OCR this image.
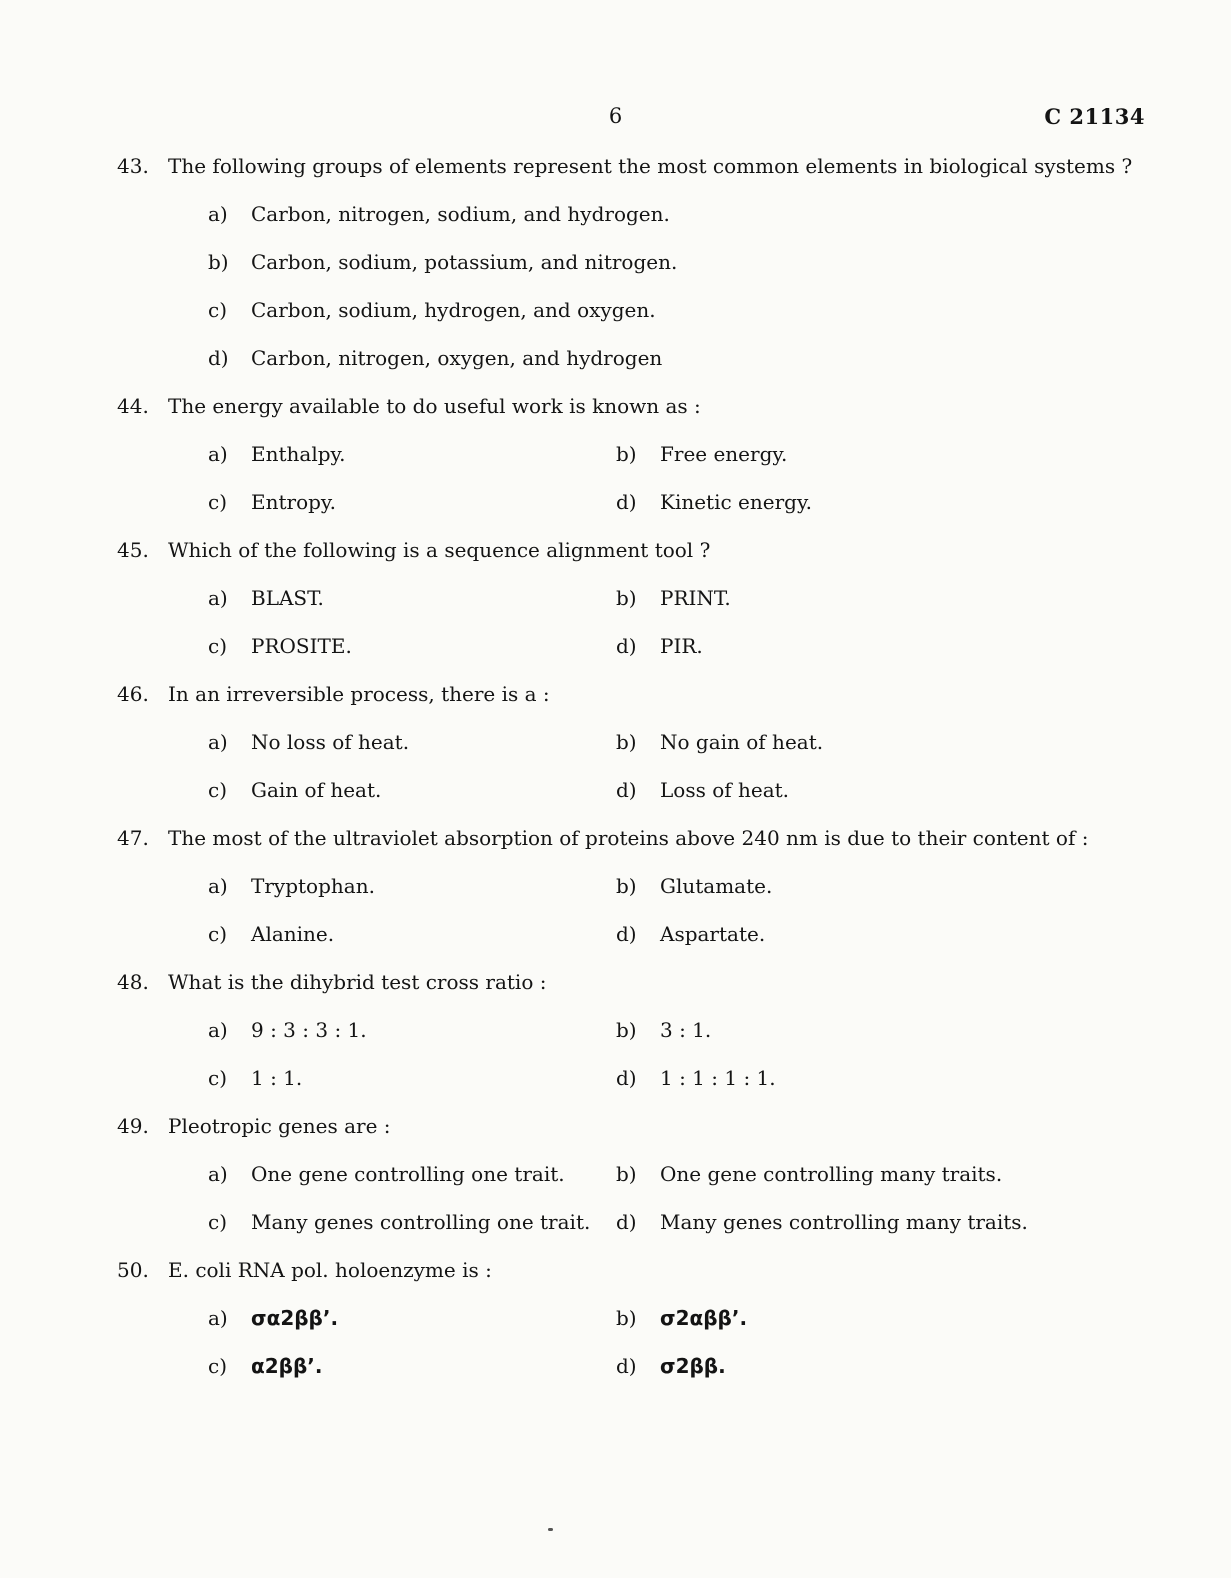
6	C 21134
43. The following groups of elements represent the most common elements in biological systems ?
a) Carbon, nitrogen, sodium, and hydrogen.
b) Carbon, sodium, potassium, and nitrogen.
c) Carbon, sodium, hydrogen, and oxygen.
d) Carbon, nitrogen, oxygen, and hydrogen
44. The energy available to do useful work is known as :
a) Enthalpy.	b) Free energy.
c) Entropy.	d) Kinetic energy.
45. Which of the following is a sequence alignment tool ?
a) BLAST.	b) PRINT.
c) PROSITE.	d) PIR.
46. In an irreversible process, there is a :
a) No loss of heat.	b) No gain of heat.
c) Gain of heat.	d) Loss of heat.
47. The most of the ultraviolet absorption of proteins above 240 nm is due to their content of :
a) Tryptophan.	b) Glutamate.
c) Alanine.	d) Aspartate.
48. What is the dihybrid test cross ratio :
a) 9 : 3 : 3 : 1.	b) 3 : 1.
c) 1 : 1.	d) 1 : 1 : 1 : 1.
49. Pleotropic genes are :
a) One gene controlling one trait.	b) One gene controlling many traits.
c) Many genes controlling one trait. d) Many genes controlling many traits.
50. E. coli RNA pol. holoenzyme is :
a) σα2ββ’.	b) σ2αββ’.
c) α2ββ’.	d) σ2ββ.
